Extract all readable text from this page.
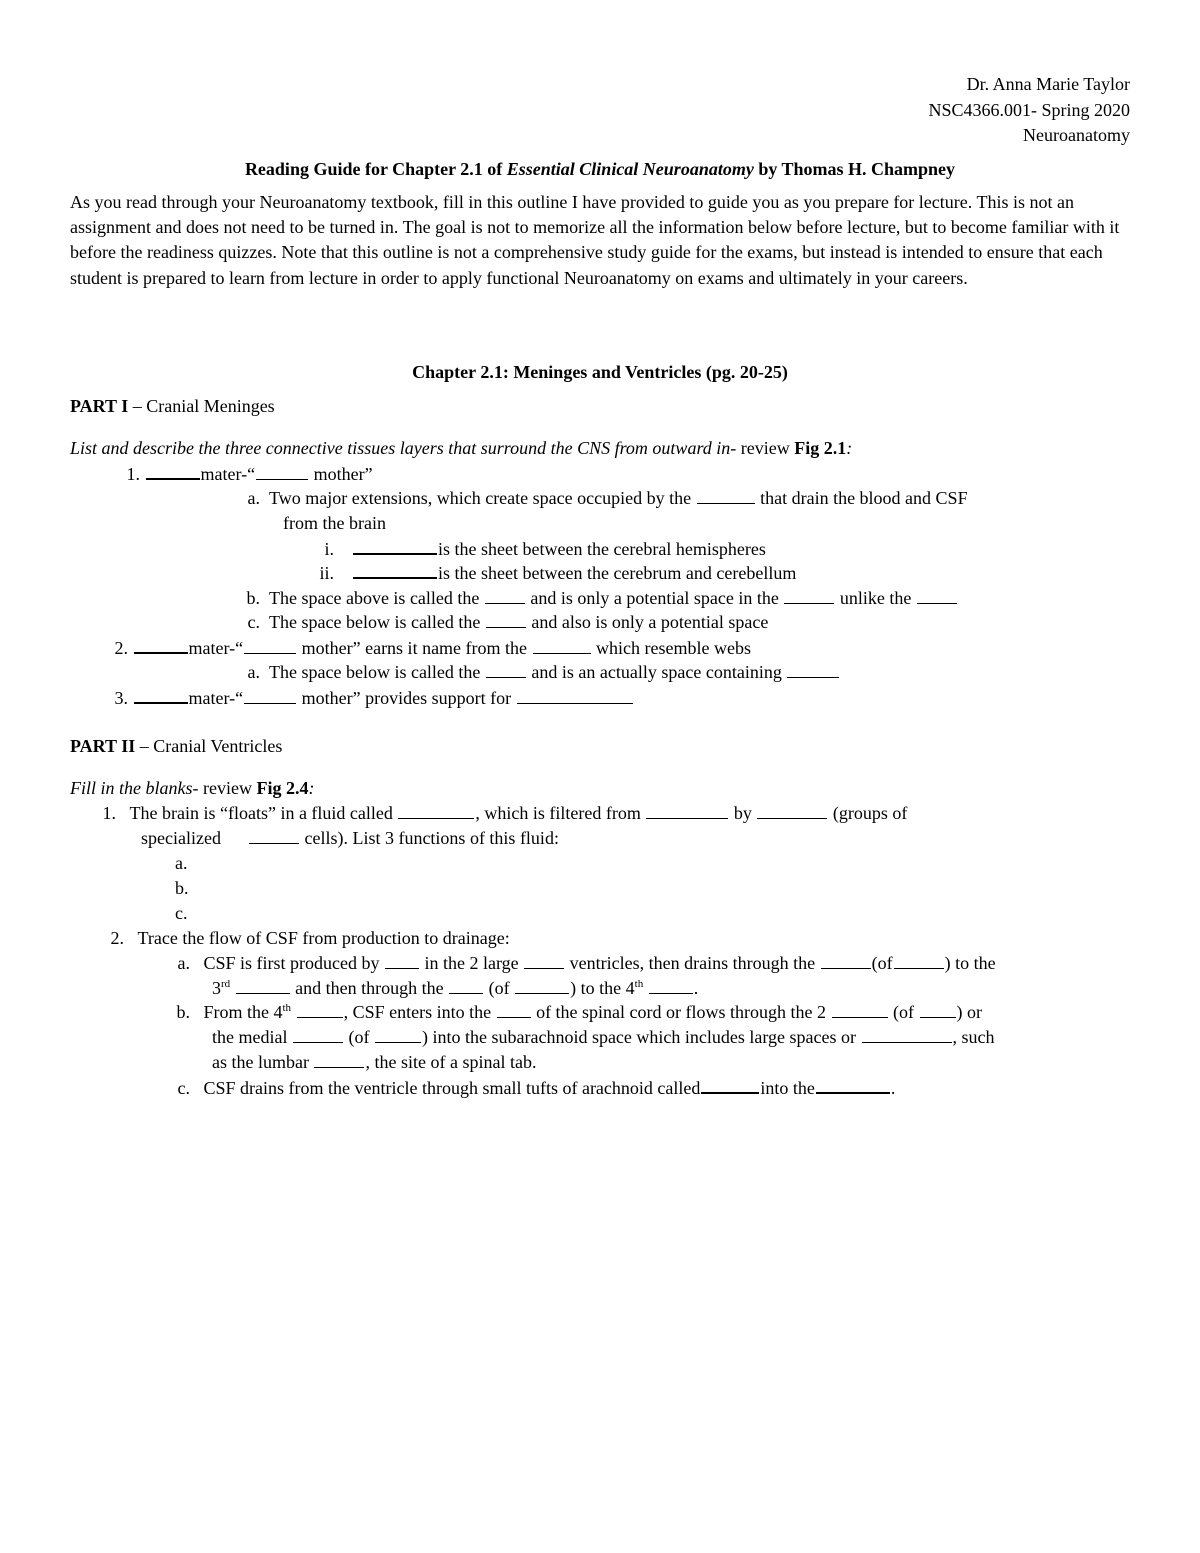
Dr. Anna Marie Taylor
NSC4366.001- Spring 2020
Neuroanatomy
Reading Guide for Chapter 2.1 of Essential Clinical Neuroanatomy by Thomas H. Champney
As you read through your Neuroanatomy textbook, fill in this outline I have provided to guide you as you prepare for lecture. This is not an assignment and does not need to be turned in. The goal is not to memorize all the information below before lecture, but to become familiar with it before the readiness quizzes. Note that this outline is not a comprehensive study guide for the exams, but instead is intended to ensure that each student is prepared to learn from lecture in order to apply functional Neuroanatomy on exams and ultimately in your careers.
Chapter 2.1: Meninges and Ventricles (pg. 20-25)
PART I – Cranial Meninges
List and describe the three connective tissues layers that surround the CNS from outward in- review Fig 2.1:
1.	mater-“	mother”
a. Two major extensions, which create space occupied by the	that drain the blood and CSF
from the brain
i.	is the sheet between the cerebral hemispheres
ii.	is the sheet between the cerebrum and cerebellum
b. The space above is called the  and is only a potential space in the	unlike the
c. The space below is called the  and also is only a potential space
2.	mater-“	mother” earns it name from the	which resemble webs
a. The space below is called the  and is an actually space containing
3.	mater-“	mother” provides support for
PART II – Cranial Ventricles
Fill in the blanks- review Fig 2.4:
1. The brain is “floats” in a fluid called	, which is filtered from	by	(groups of
specialized	cells). List 3 functions of this fluid:
a.
b.
c.
2. Trace the flow of CSF from production to drainage:
a. CSF is first produced by  in the 2 large  ventricles, then drains through the	(of	) to the
3rd	and then through the  (of	) to the 4th	.
b. From the 4th	, CSF enters into the  of the spinal cord or flows through the 2	(of ) or
the medial	(of	) into the subarachnoid space which includes large spaces or	, such
as the lumbar	, the site of a spinal tab.
c. CSF drains from the ventricle through small tufts of arachnoid called	into the	.
